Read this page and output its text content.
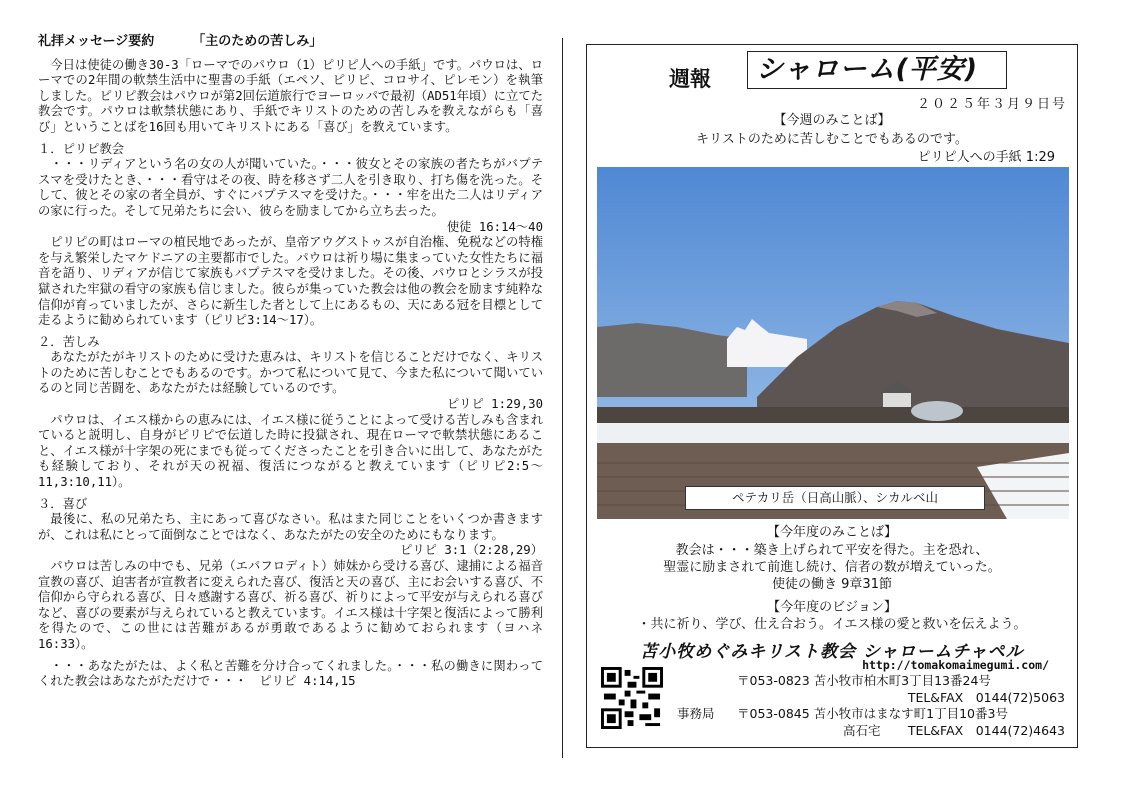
礼拝メッセージ要約	「主のための苦しみ」

今日は使徒の働き30-3「ローマでのパウロ（1）ピリピ人への手紙」です。パウロは、ローマでの2年間の軟禁生活中に聖書の手紙（エペソ、ピリピ、コロサイ、ピレモン）を執筆しました。ピリピ教会はパウロが第2回伝道旅行でヨーロッパで最初（AD51年頃）に立てた教会です。パウロは軟禁状態にあり、手紙でキリストのための苦しみを教えながらも「喜び」ということばを16回も用いてキリストにある「喜び」を教えています。

１．ピリピ教会

・・・リディアという名の女の人が聞いていた。・・・彼女とその家族の者たちがバプテスマを受けたとき、・・・看守はその夜、時を移さず二人を引き取り、打ち傷を洗った。そして、彼とその家の者全員が、すぐにバプテスマを受けた。・・・牢を出た二人はリディアの家に行った。そして兄弟たちに会い、彼らを励ましてから立ち去った。

使徒 16:14～40

ピリピの町はローマの植民地であったが、皇帝アウグストゥスが自治権、免税などの特権を与え繁栄したマケドニアの主要都市でした。パウロは祈り場に集まっていた女性たちに福音を語り、リディアが信じて家族もバプテスマを受けました。その後、パウロとシラスが投獄された牢獄の看守の家族も信じました。彼らが集っていた教会は他の教会を励ます純粋な信仰が育っていましたが、さらに新生した者として上にあるもの、天にある冠を目標として走るように勧められています（ピリピ3:14～17）。

２．苦しみ

あなたがたがキリストのために受けた恵みは、キリストを信じることだけでなく、キリストのために苦しむことでもあるのです。かつて私について見て、今また私について聞いているのと同じ苦闘を、あなたがたは経験しているのです。

ピリピ 1:29,30

パウロは、イエス様からの恵みには、イエス様に従うことによって受ける苦しみも含まれていると説明し、自身がピリピで伝道した時に投獄され、現在ローマで軟禁状態にあること、イエス様が十字架の死にまでも従ってくださったことを引き合いに出して、あなたがたも経験しており、それが天の祝福、復活につながると教えています（ピリピ2:5～11,3:10,11）。

３．喜び

最後に、私の兄弟たち、主にあって喜びなさい。私はまた同じことをいくつか書きますが、これは私にとって面倒なことではなく、あなたがたの安全のためにもなります。

ピリピ 3:1（2:28,29）

パウロは苦しみの中でも、兄弟（エパフロディト）姉妹から受ける喜び、逮捕による福音宣教の喜び、迫害者が宣教者に変えられた喜び、復活と天の喜び、主にお会いする喜び、不信仰から守られる喜び、日々感謝する喜び、祈る喜び、祈りによって平安が与えられる喜びなど、喜びの要素が与えられていると教えています。イエス様は十字架と復活によって勝利を得たので、この世には苦難があるが勇敢であるように勧めておられます（ヨハネ 16:33）。

・・・あなたがたは、よく私と苦難を分け合ってくれました。・・・私の働きに関わってくれた教会はあなたがただけで・・・　 ピリピ 4:14,15

週報	シャローム(平安)
２０２５年３月９日号
【今週のみことば】
キリストのために苦しむことでもあるのです。
ピリピ人への手紙 1:29
ペテカリ岳（日高山脈）、シカルベ山
【今年度のみことば】
教会は・・・築き上げられて平安を得た。主を恐れ、
聖霊に励まされて前進し続け、信者の数が増えていった。
使徒の働き 9章31節
【今年度のビジョン】
・共に祈り、学び、仕え合おう。イエス様の愛と救いを伝えよう。
苫小牧めぐみキリスト教会 シャロームチャペル
http://tomakomaimegumi.com/
〒053-0823 苫小牧市柏木町3丁目13番24号
TEL&FAX　0144(72)5063
事務局 〒053-0845 苫小牧市はまなす町1丁目10番3号
高石宅 TEL&FAX　0144(72)4643
